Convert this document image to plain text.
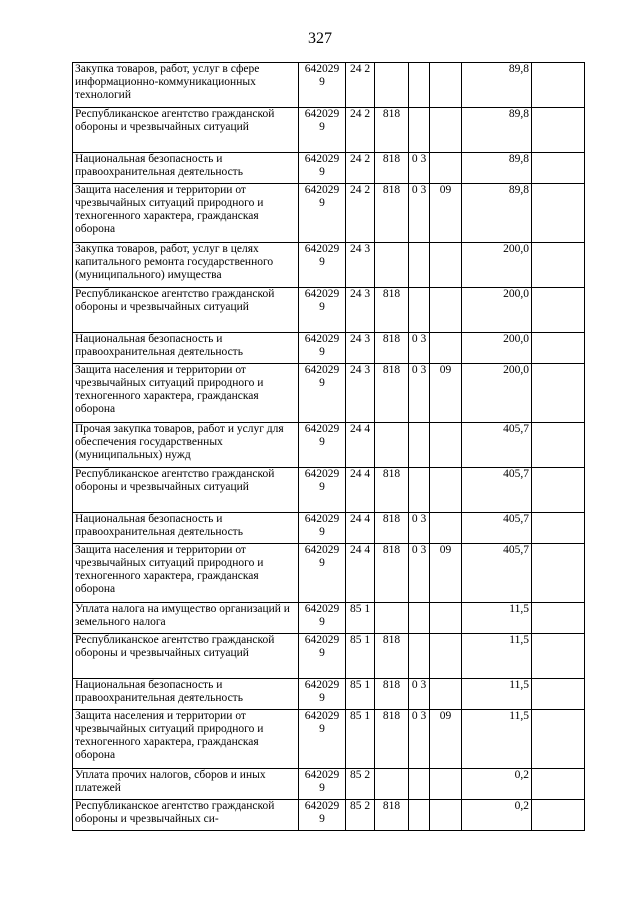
327
Закупка товаров, работ, услуг в сфере информационно-коммуникационных технологий	642029 9	24 2				89,8	
Республиканское агентство гражданской обороны и чрезвычайных ситуаций	642029 9	24 2	818			89,8	
Национальная безопасность и правоохранительная деятельность	642029 9	24 2	818	0 3		89,8	
Защита населения и территории от чрезвычайных ситуаций природного и техногенного характера, гражданская оборона	642029 9	24 2	818	0 3	09	89,8	
Закупка товаров, работ, услуг в целях капитального ремонта государственного (муниципального) имущества	642029 9	24 3				200,0	
Республиканское агентство гражданской обороны и чрезвычайных ситуаций	642029 9	24 3	818			200,0	
Национальная безопасность и правоохранительная деятельность	642029 9	24 3	818	0 3		200,0	
Защита населения и территории от чрезвычайных ситуаций природного и техногенного характера, гражданская оборона	642029 9	24 3	818	0 3	09	200,0	
Прочая закупка товаров, работ и услуг для обеспечения государственных (муниципальных) нужд	642029 9	24 4				405,7	
Республиканское агентство гражданской обороны и чрезвычайных ситуаций	642029 9	24 4	818			405,7	
Национальная безопасность и правоохранительная деятельность	642029 9	24 4	818	0 3		405,7	
Защита населения и территории от чрезвычайных ситуаций природного и техногенного характера, гражданская оборона	642029 9	24 4	818	0 3	09	405,7	
Уплата налога на имущество организаций и земельного налога	642029 9	85 1				11,5	
Республиканское агентство гражданской обороны и чрезвычайных ситуаций	642029 9	85 1	818			11,5	
Национальная безопасность и правоохранительная деятельность	642029 9	85 1	818	0 3		11,5	
Защита населения и территории от чрезвычайных ситуаций природного и техногенного характера, гражданская оборона	642029 9	85 1	818	0 3	09	11,5	
Уплата прочих налогов, сборов и иных платежей	642029 9	85 2				0,2	
Республиканское агентство гражданской обороны и чрезвычайных си-	642029 9	85 2	818			0,2	
